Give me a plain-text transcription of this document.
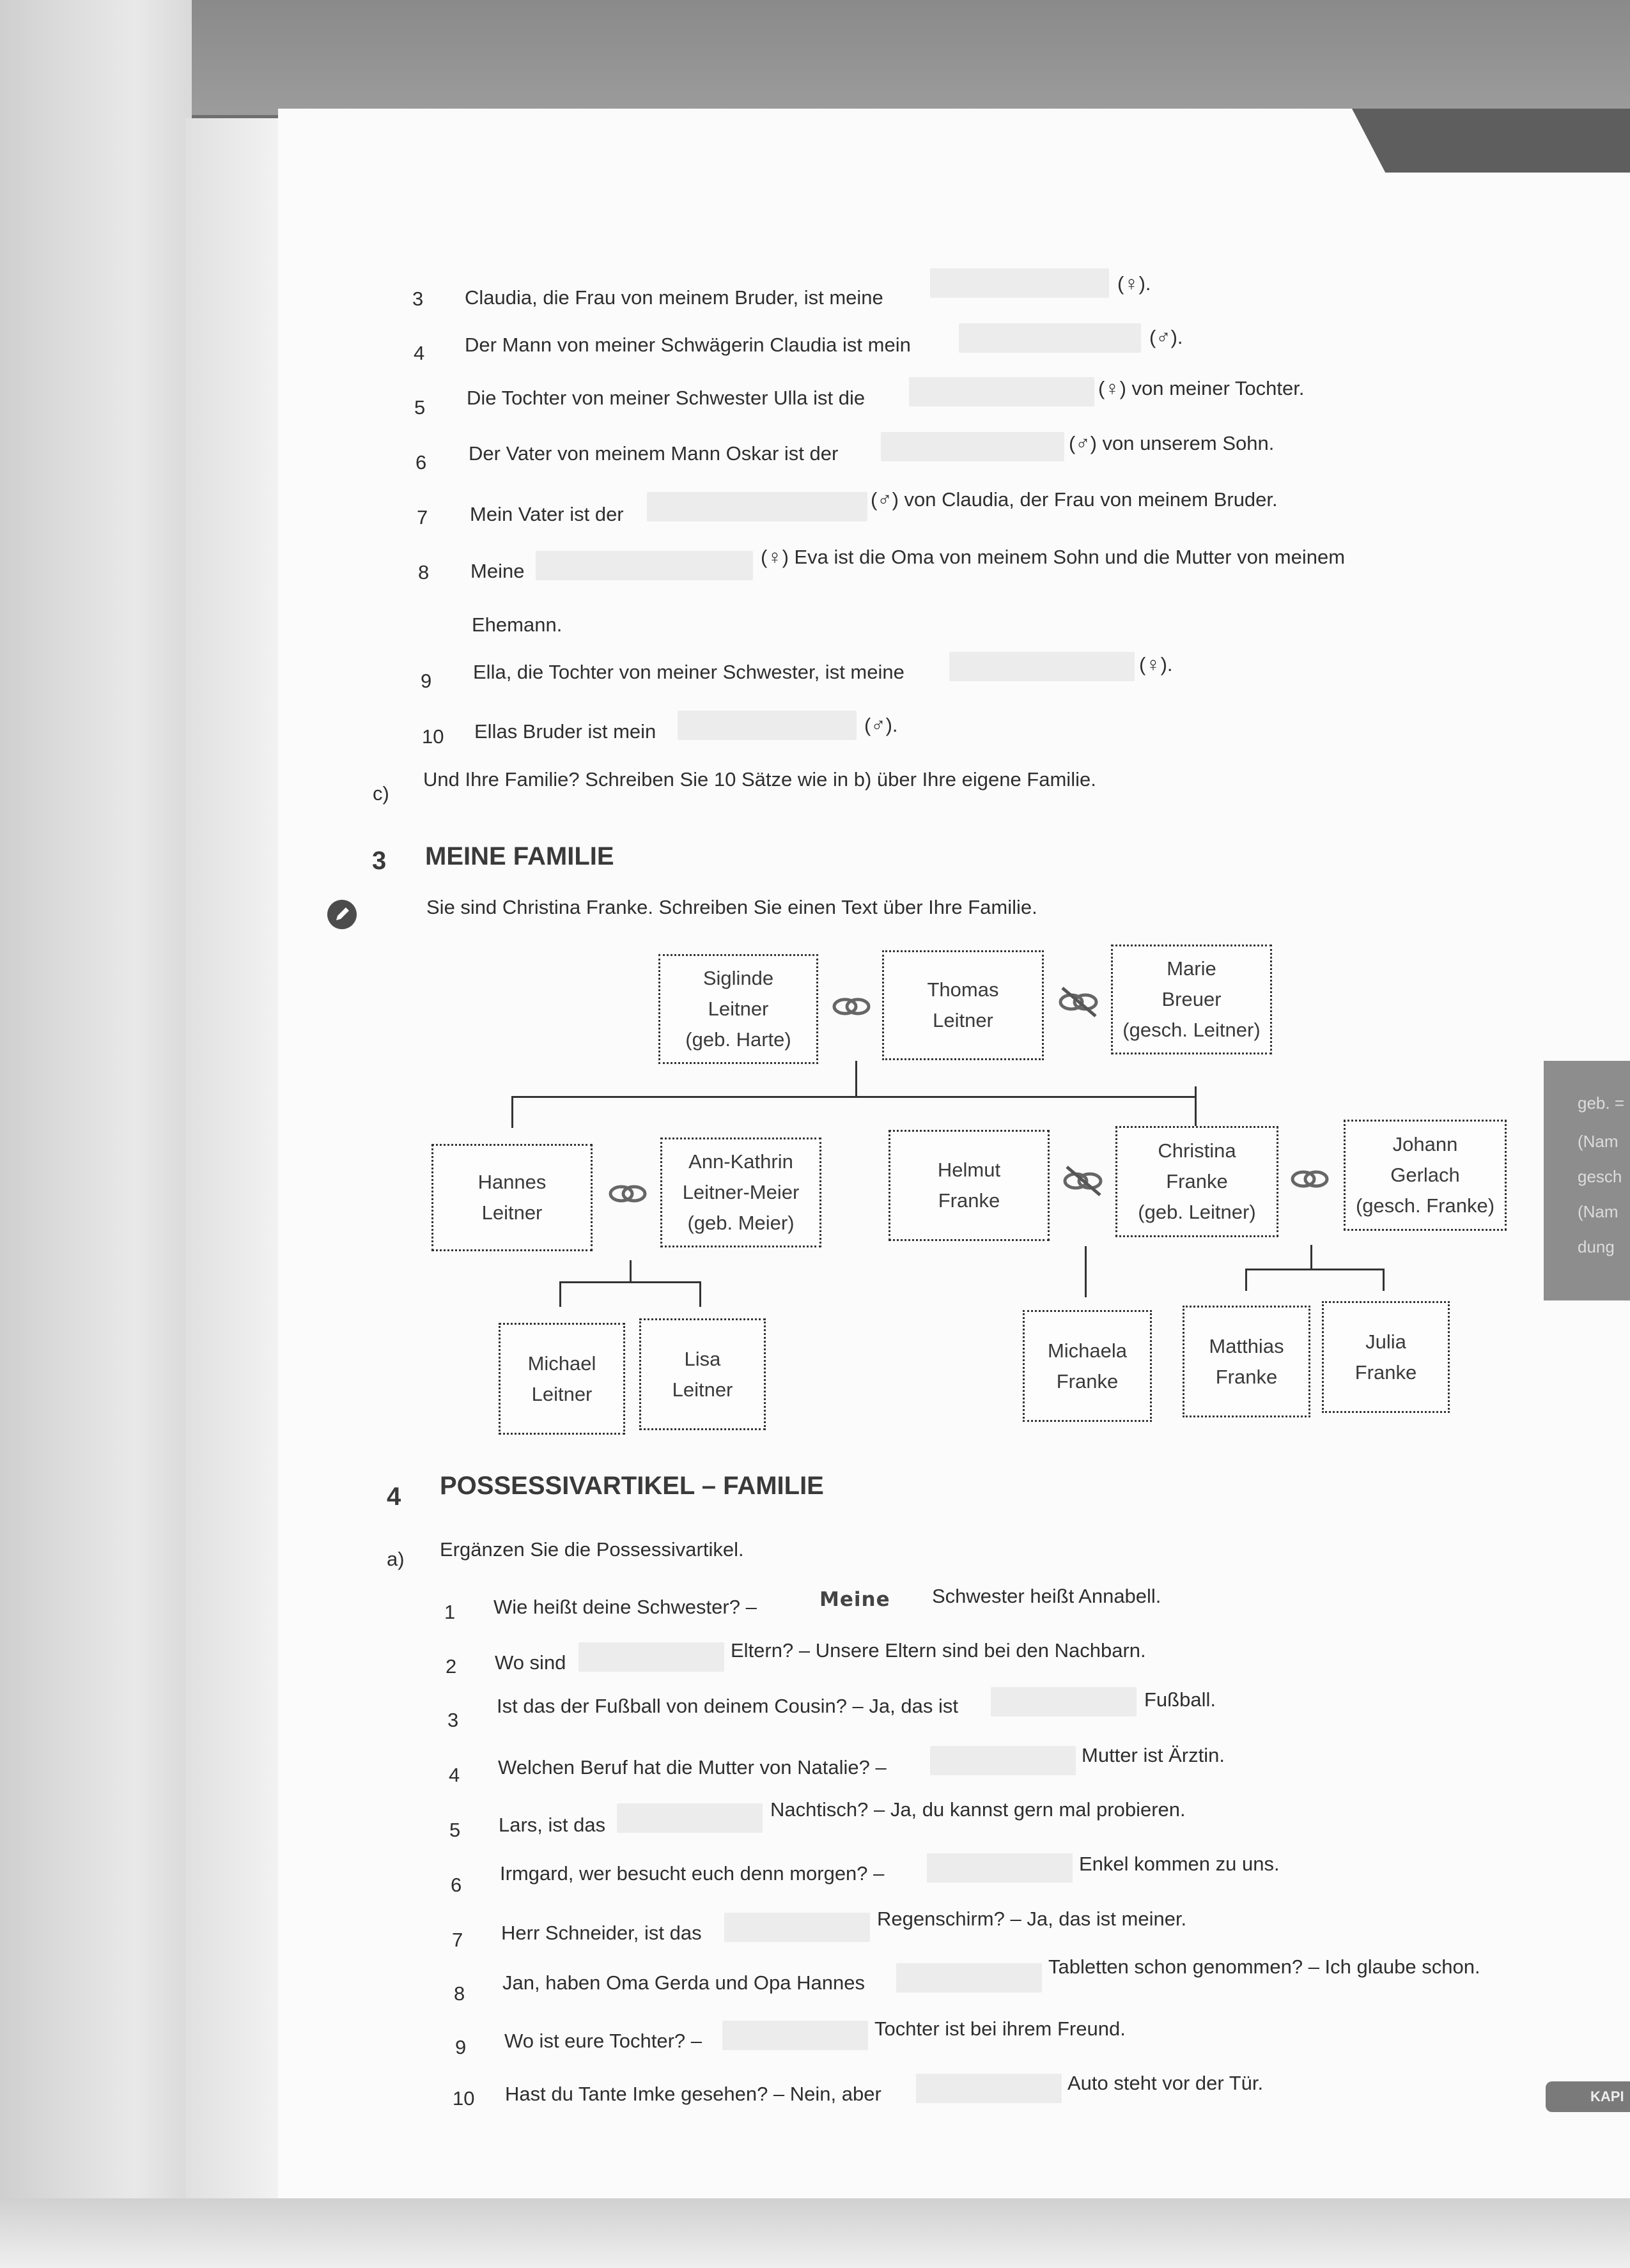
3 Claudia, die Frau von meinem Bruder, ist meine
(♀).
4 Der Mann von meiner Schwägerin Claudia ist mein	(♂).
5 Die Tochter von meiner Schwester Ulla ist die	(♀) von meiner Tochter.
6 Der Vater von meinem Mann Oskar ist der	(♂) von unserem Sohn.
7 Mein Vater ist der
(♂) von Claudia, der Frau von meinem Bruder.
8 Meine
(♀) Eva ist die Oma von meinem Sohn und die Mutter von meinem
Ehemann.
9 Ella, die Tochter von meiner Schwester, ist meine	(♀).
10 Ellas Bruder ist mein	(♂).
c)
Und Ihre Familie? Schreiben Sie 10 Sätze wie in b) über Ihre eigene Familie.
3 MEINE FAMILIE
Sie sind Christina Franke. Schreiben Sie einen Text über Ihre Familie.
Siglinde
Leitner
(geb. Harte)
Thomas
Leitner
Marie
Breuer
(gesch. Leitner)
Hannes
Leitner
Ann-Kathrin
Leitner-Meier
(geb. Meier)
Helmut
Franke
Christina
Franke
(geb. Leitner)
Johann
Gerlach
(gesch. Franke)
Michael
Leitner
Lisa
Leitner
Michaela
Franke
Matthias
Franke
Julia
Franke
4 POSSESSIVARTIKEL – FAMILIE
a) Ergänzen Sie die Possessivartikel.
1 Wie heißt deine Schwester? –	Meine Schwester heißt Annabell.
2 Wo sind
Eltern? – Unsere Eltern sind bei den Nachbarn.
3
Ist das der Fußball von deinem Cousin? – Ja, das ist	Fußball.
4 Welchen Beruf hat die Mutter von Natalie? –
Mutter ist Ärztin.
5 Lars, ist das
Nachtisch? – Ja, du kannst gern mal probieren.
6
Irmgard, wer besucht euch denn morgen? –	Enkel kommen zu uns.
7 Herr Schneider, ist das
Regenschirm? – Ja, das ist meiner.
8 Jan, haben Oma Gerda und Opa Hannes
Tabletten schon genommen? – Ich glaube schon.
9 Wo ist eure Tochter? –
Tochter ist bei ihrem Freund.
10 Hast du Tante Imke gesehen? – Nein, aber	Auto steht vor der Tür.
geb. =
(Nam
gesch
(Nam
dung
KAPI
